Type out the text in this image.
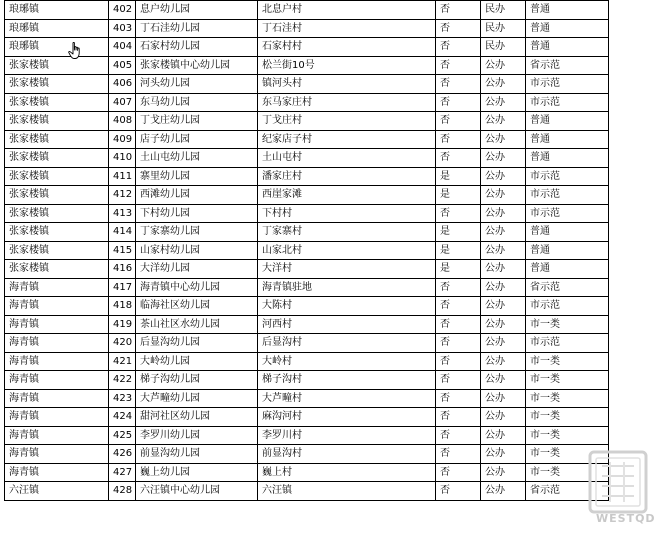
琅琊镇	402	息户幼儿园	北息户村	否	民办	普通
琅琊镇	403	丁石洼幼儿园	丁石洼村	否	民办	普通
琅琊镇	404	石家村幼儿园	石家村村	否	民办	普通
张家楼镇	405	张家楼镇中心幼儿园	松兰街10号	否	公办	省示范
张家楼镇	406	河头幼儿园	镇河头村	否	公办	市示范
张家楼镇	407	东马幼儿园	东马家庄村	否	公办	市示范
张家楼镇	408	丁戈庄幼儿园	丁戈庄村	否	公办	普通
张家楼镇	409	店子幼儿园	纪家店子村	否	公办	普通
张家楼镇	410	土山屯幼儿园	土山屯村	否	公办	普通
张家楼镇	411	寨里幼儿园	潘家庄村	是	公办	市示范
张家楼镇	412	西滩幼儿园	西崖家滩	是	公办	市示范
张家楼镇	413	下村幼儿园	下村村	否	公办	市示范
张家楼镇	414	丁家寨幼儿园	丁家寨村	是	公办	普通
张家楼镇	415	山家村幼儿园	山家北村	是	公办	普通
张家楼镇	416	大洋幼儿园	大洋村	是	公办	普通
海青镇	417	海青镇中心幼儿园	海青镇驻地	否	公办	省示范
海青镇	418	临海社区幼儿园	大陈村	否	公办	市示范
海青镇	419	茶山社区水幼儿园	河西村	否	公办	市一类
海青镇	420	后显沟幼儿园	后显沟村	否	公办	市示范
海青镇	421	大岭幼儿园	大岭村	否	公办	市一类
海青镇	422	梯子沟幼儿园	梯子沟村	否	公办	市一类
海青镇	423	大芦疃幼儿园	大芦疃村	否	公办	市一类
海青镇	424	甜河社区幼儿园	麻沟河村	否	公办	市一类
海青镇	425	李罗川幼儿园	李罗川村	否	公办	市一类
海青镇	426	前显沟幼儿园	前显沟村	否	公办	市一类
海青镇	427	巍上幼儿园	巍上村	否	公办	市一类
六汪镇	428	六汪镇中心幼儿园	六汪镇	否	公办	省示范
WESTQD
